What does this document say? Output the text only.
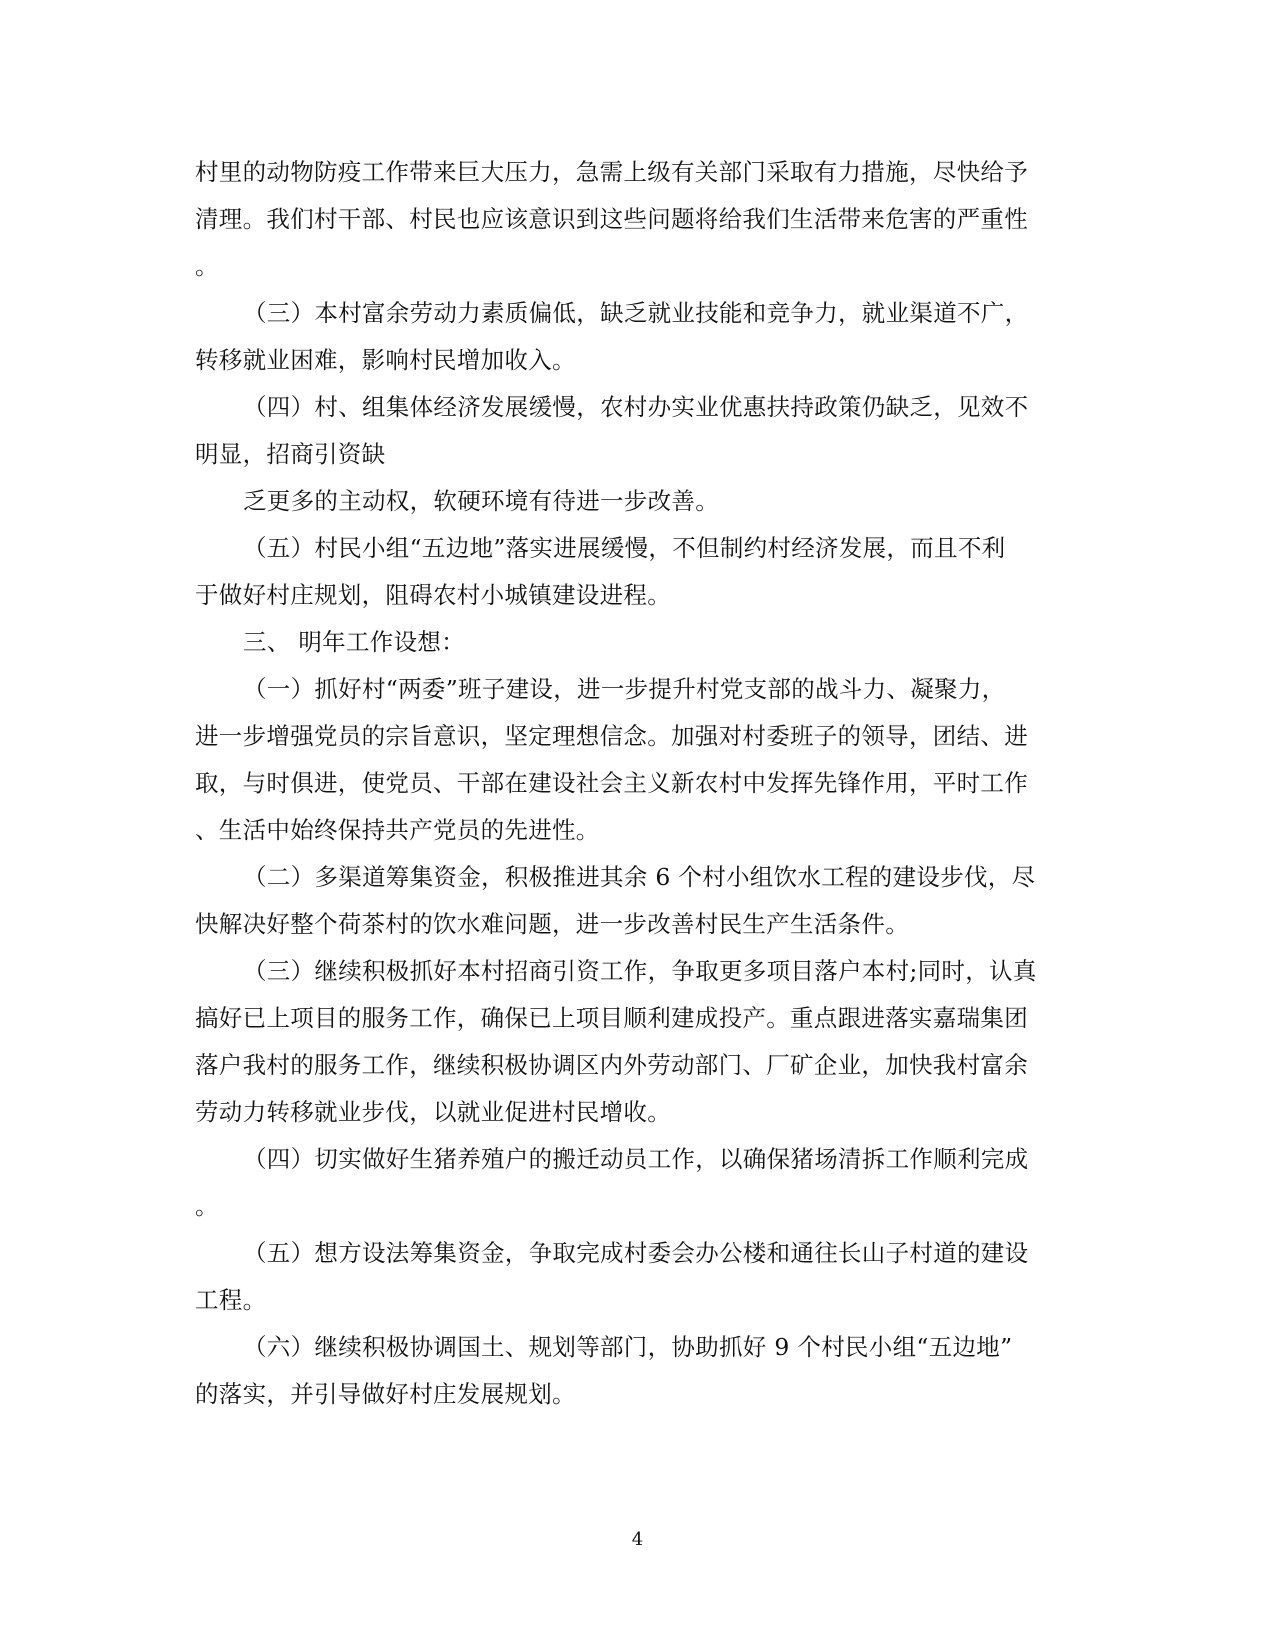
村里的动物防疫工作带来巨大压力，急需上级有关部门采取有力措施，尽快给予
清理。我们村干部、村民也应该意识到这些问题将给我们生活带来危害的严重性
。
（三）本村富余劳动力素质偏低，缺乏就业技能和竞争力，就业渠道不广，
转移就业困难，影响村民增加收入。
（四）村、组集体经济发展缓慢，农村办实业优惠扶持政策仍缺乏，见效不
明显，招商引资缺
乏更多的主动权，软硬环境有待进一步改善。
（五）村民小组“五边地”落实进展缓慢，不但制约村经济发展，而且不利
于做好村庄规划，阻碍农村小城镇建设进程。
三、 明年工作设想：
（一）抓好村“两委”班子建设，进一步提升村党支部的战斗力、凝聚力，
进一步增强党员的宗旨意识，坚定理想信念。加强对村委班子的领导，团结、进
取，与时俱进，使党员、干部在建设社会主义新农村中发挥先锋作用，平时工作
、生活中始终保持共产党员的先进性。
（二）多渠道筹集资金，积极推进其余 6 个村小组饮水工程的建设步伐，尽
快解决好整个荷茶村的饮水难问题，进一步改善村民生产生活条件。
（三）继续积极抓好本村招商引资工作，争取更多项目落户本村;同时，认真
搞好已上项目的服务工作，确保已上项目顺利建成投产。重点跟进落实嘉瑞集团
落户我村的服务工作，继续积极协调区内外劳动部门、厂矿企业，加快我村富余
劳动力转移就业步伐，以就业促进村民增收。
（四）切实做好生猪养殖户的搬迁动员工作，以确保猪场清拆工作顺利完成
。
（五）想方设法筹集资金，争取完成村委会办公楼和通往长山子村道的建设
工程。
（六）继续积极协调国土、规划等部门，协助抓好 9 个村民小组“五边地”
的落实，并引导做好村庄发展规划。
4
